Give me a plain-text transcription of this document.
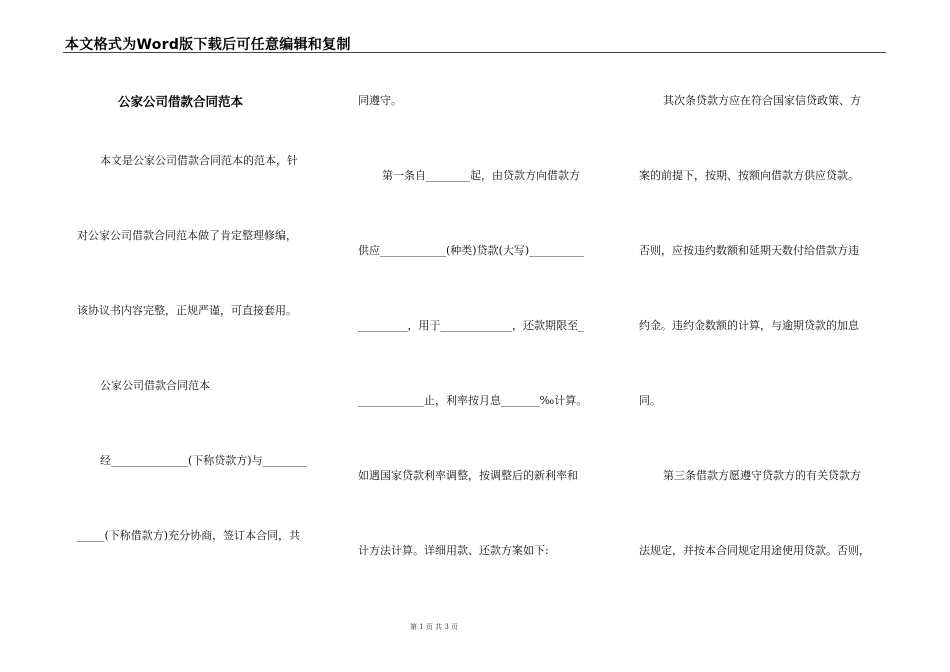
本文格式为Word版下载后可任意编辑和复制
公家公司借款合同范本
本文是公家公司借款合同范本的范本，针
对公家公司借款合同范本做了肯定整理修编，
该协议书内容完整，正规严谨，可直接套用。
公家公司借款合同范本
经______________(下称贷款方)与________
_____(下称借款方)充分协商，签订本合同，共
同遵守。
第一条自________起，由贷款方向借款方
供应____________(种类)贷款(大写)__________
_________，用于_____________，还款期限至_
____________止，利率按月息_______‰计算。
如遇国家贷款利率调整，按调整后的新利率和
计方法计算。详细用款、还款方案如下:
其次条贷款方应在符合国家信贷政策、方
案的前提下，按期、按额向借款方供应贷款。
否则，应按违约数额和延期天数付给借款方违
约金。违约金数额的计算，与逾期贷款的加息
同。
第三条借款方愿遵守贷款方的有关贷款方
法规定，并按本合同规定用途使用贷款。否则，
第 1 页 共 3 页
